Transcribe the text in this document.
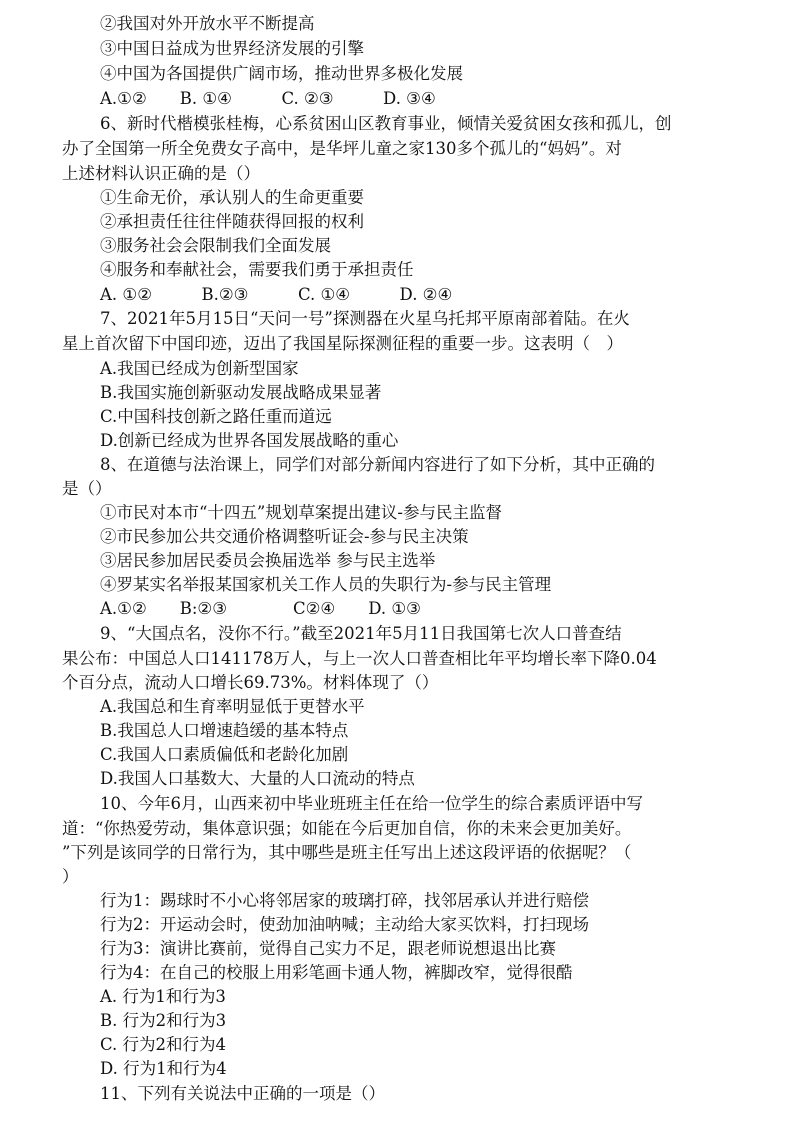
②我国对外开放水平不断提高
③中国日益成为世界经济发展的引擎
④中国为各国提供广阔市场，推动世界多极化发展
A.①②　　B. ①④　　　C. ②③　　　D. ③④
6、新时代楷模张桂梅，心系贫困山区教育事业，倾情关爱贫困女孩和孤儿，创
办了全国第一所全免费女子高中，是华坪儿童之家130多个孤儿的“妈妈”。对
上述材料认识正确的是（）
①生命无价，承认别人的生命更重要
②承担责任往往伴随获得回报的权利
③服务社会会限制我们全面发展
④服务和奉献社会，需要我们勇于承担责任
A. ①②　　　B.②③　　　C. ①④　　　D. ②④
7、2021年5月15日“天问一号”探测器在火星乌托邦平原南部着陆。在火
星上首次留下中国印迹，迈出了我国星际探测征程的重要一步。这表明（　）
A.我国已经成为创新型国家
B.我国实施创新驱动发展战略成果显著
C.中国科技创新之路任重而道远
D.创新已经成为世界各国发展战略的重心
8、在道德与法治课上，同学们对部分新闻内容进行了如下分析，其中正确的
是（）
①市民对本市“十四五”规划草案提出建议-参与民主监督
②市民参加公共交通价格调整听证会-参与民主决策
③居民参加居民委员会换届选举 参与民主选举
④罗某实名举报某国家机关工作人员的失职行为-参与民主管理
A.①②　　B:②③　　　　C②④　　D. ①③
9、“大国点名，没你不行。”截至2021年5月11日我国第七次人口普查结
果公布：中国总人口141178万人，与上一次人口普查相比年平均增长率下降0.04
个百分点，流动人口增长69.73%。材料体现了（）
A.我国总和生育率明显低于更替水平
B.我国总人口增速趋缓的基本特点
C.我国人口素质偏低和老龄化加剧
D.我国人口基数大、大量的人口流动的特点
10、今年6月，山西来初中毕业班班主任在给一位学生的综合素质评语中写
道：“你热爱劳动，集体意识强；如能在今后更加自信，你的未来会更加美好。
”下列是该同学的日常行为，其中哪些是班主任写出上述这段评语的依据呢？（
）
行为1：踢球时不小心将邻居家的玻璃打碎，找邻居承认并进行赔偿
行为2：开运动会时，使劲加油呐喊；主动给大家买饮料，打扫现场
行为3：演讲比赛前，觉得自己实力不足，跟老师说想退出比赛
行为4：在自己的校服上用彩笔画卡通人物，裤脚改窄，觉得很酷
A. 行为1和行为3
B. 行为2和行为3
C. 行为2和行为4
D. 行为1和行为4
11、下列有关说法中正确的一项是（）
